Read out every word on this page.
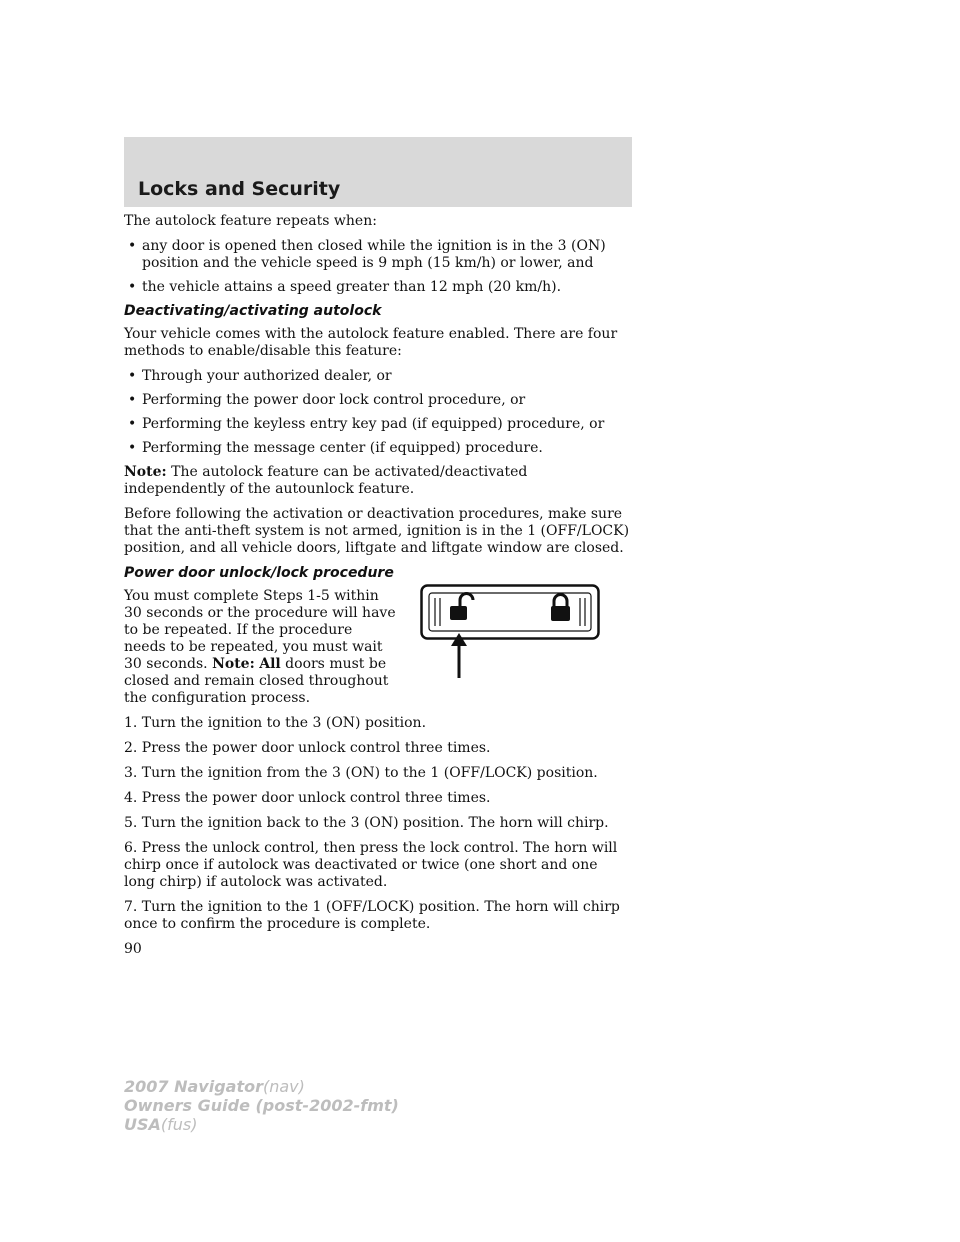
Locks and Security

The autolock feature repeats when:

• any door is opened then closed while the ignition is in the 3 (ON) position and the vehicle speed is 9 mph (15 km/h) or lower, and
• the vehicle attains a speed greater than 12 mph (20 km/h).
Deactivating/activating autolock

Your vehicle comes with the autolock feature enabled. There are four methods to enable/disable this feature:

• Through your authorized dealer, or
• Performing the power door lock control procedure, or
• Performing the keyless entry key pad (if equipped) procedure, or
• Performing the message center (if equipped) procedure.

Note: The autolock feature can be activated/deactivated independently of the autounlock feature.

Before following the activation or deactivation procedures, make sure that the anti-theft system is not armed, ignition is in the 1 (OFF/LOCK) position, and all vehicle doors, liftgate and liftgate window are closed.

Power door unlock/lock procedure

You must complete Steps 1-5 within 30 seconds or the procedure will have to be repeated. If the procedure needs to be repeated, you must wait 30 seconds. Note: All doors must be closed and remain closed throughout the configuration process.

1. Turn the ignition to the 3 (ON) position.

2. Press the power door unlock control three times.

3. Turn the ignition from the 3 (ON) to the 1 (OFF/LOCK) position.

4. Press the power door unlock control three times.

5. Turn the ignition back to the 3 (ON) position. The horn will chirp.

6. Press the unlock control, then press the lock control. The horn will chirp once if autolock was deactivated or twice (one short and one long chirp) if autolock was activated.

7. Turn the ignition to the 1 (OFF/LOCK) position. The horn will chirp once to confirm the procedure is complete.

90
2007 Navigator(nav)
Owners Guide (post-2002-fmt)
USA(fus)
